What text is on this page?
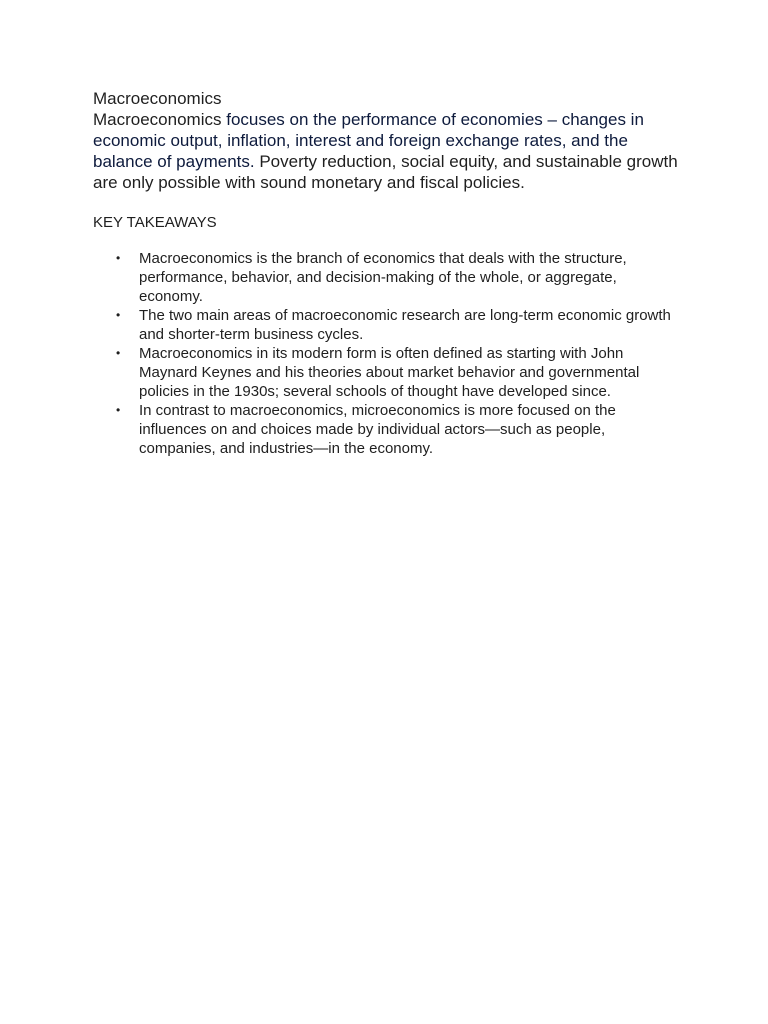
Macroeconomics

Macroeconomics focuses on the performance of economies – changes in economic output, inflation, interest and foreign exchange rates, and the balance of payments. Poverty reduction, social equity, and sustainable growth are only possible with sound monetary and fiscal policies.

KEY TAKEAWAYS
• Macroeconomics is the branch of economics that deals with the structure, performance, behavior, and decision-making of the whole, or aggregate, economy.
• The two main areas of macroeconomic research are long-term economic growth and shorter-term business cycles.
• Macroeconomics in its modern form is often defined as starting with John Maynard Keynes and his theories about market behavior and governmental policies in the 1930s; several schools of thought have developed since.
• In contrast to macroeconomics, microeconomics is more focused on the influences on and choices made by individual actors—such as people, companies, and industries—in the economy.
